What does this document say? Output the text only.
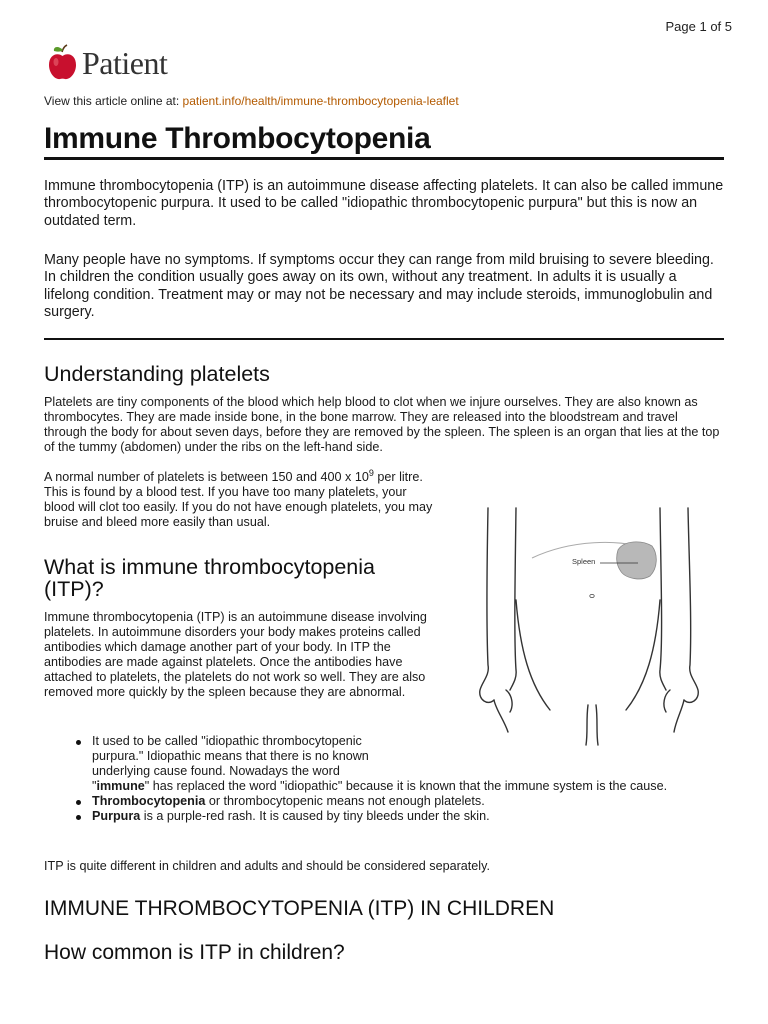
Page 1 of 5
Patient
View this article online at: patient.info/health/immune-thrombocytopenia-leaflet
Immune Thrombocytopenia
Immune thrombocytopenia (ITP) is an autoimmune disease affecting platelets. It can also be called immune thrombocytopenic purpura. It used to be called "idiopathic thrombocytopenic purpura" but this is now an outdated term.
Many people have no symptoms. If symptoms occur they can range from mild bruising to severe bleeding. In children the condition usually goes away on its own, without any treatment. In adults it is usually a lifelong condition. Treatment may or may not be necessary and may include steroids, immunoglobulin and surgery.
Understanding platelets
Platelets are tiny components of the blood which help blood to clot when we injure ourselves. They are also known as thrombocytes. They are made inside bone, in the bone marrow. They are released into the bloodstream and travel through the body for about seven days, before they are removed by the spleen. The spleen is an organ that lies at the top of the tummy (abdomen) under the ribs on the left-hand side.
A normal number of platelets is between 150 and 400 x $10^9$ per litre. This is found by a blood test. If you have too many platelets, your blood will clot too easily. If you do not have enough platelets, you may bruise and bleed more easily than usual.
Spleen
What is immune thrombocytopenia (ITP)?
Immune thrombocytopenia (ITP) is an autoimmune disease involving platelets. In autoimmune disorders your body makes proteins called antibodies which damage another part of your body. In ITP the antibodies are made against platelets. Once the antibodies have attached to platelets, the platelets do not work so well. They are also removed more quickly by the spleen because they are abnormal.
It used to be called "idiopathic thrombocytopenic purpura." Idiopathic means that there is no known underlying cause found. Nowadays the word
"immune" has replaced the word "idiopathic" because it is known that the immune system is the cause.
Thrombocytopenia or thrombocytopenic means not enough platelets.
Purpura is a purple-red rash. It is caused by tiny bleeds under the skin.
ITP is quite different in children and adults and should be considered separately.
IMMUNE THROMBOCYTOPENIA (ITP) IN CHILDREN
How common is ITP in children?
